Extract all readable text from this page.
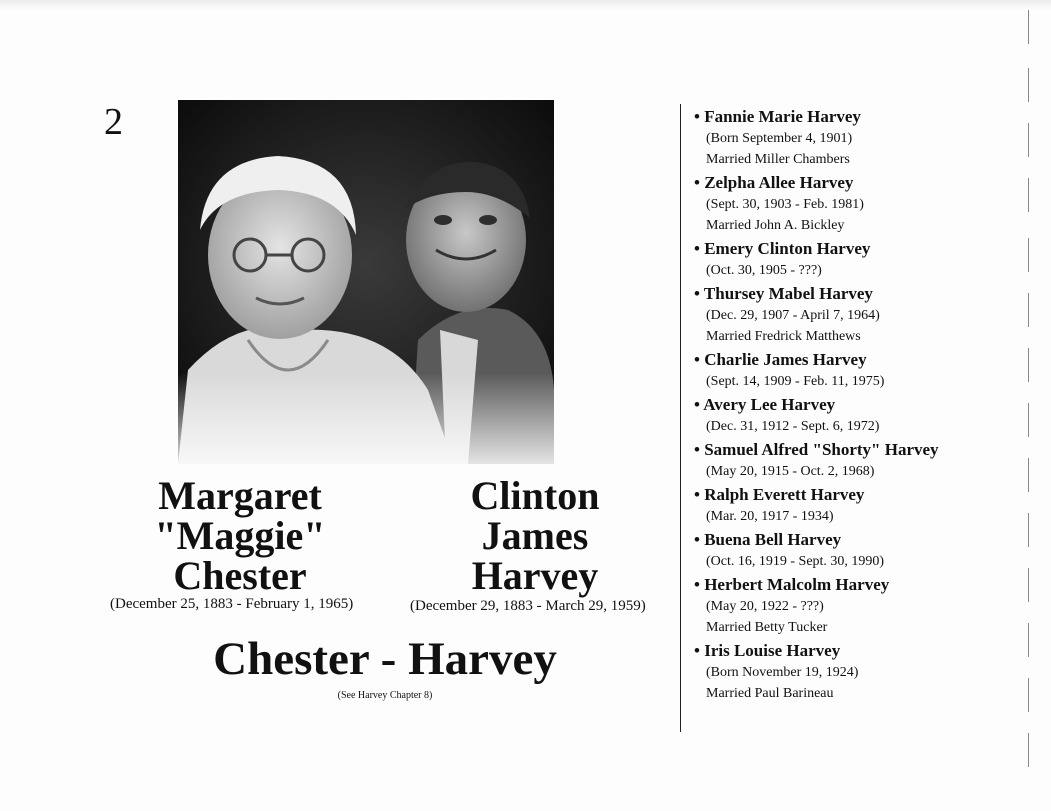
2
Margaret
"Maggie"
Chester
(December 25, 1883 - February 1, 1965)
Clinton
James
Harvey
(December 29, 1883 - March 29, 1959)
Chester - Harvey
(See Harvey Chapter 8)
• Fannie Marie Harvey
(Born September 4, 1901)
Married Miller Chambers
• Zelpha Allee Harvey
(Sept. 30, 1903 - Feb. 1981)
Married John A. Bickley
• Emery Clinton Harvey
(Oct. 30, 1905 - ???)
• Thursey Mabel Harvey
(Dec. 29, 1907 - April 7, 1964)
Married Fredrick Matthews
• Charlie James Harvey
(Sept. 14, 1909 - Feb. 11, 1975)
• Avery Lee Harvey
(Dec. 31, 1912 - Sept. 6, 1972)
• Samuel Alfred "Shorty" Harvey
(May 20, 1915 - Oct. 2, 1968)
• Ralph Everett Harvey
(Mar. 20, 1917 - 1934)
• Buena Bell Harvey
(Oct. 16, 1919 - Sept. 30, 1990)
• Herbert Malcolm Harvey
(May 20, 1922 - ???)
Married Betty Tucker
• Iris Louise Harvey
(Born November 19, 1924)
Married Paul Barineau
